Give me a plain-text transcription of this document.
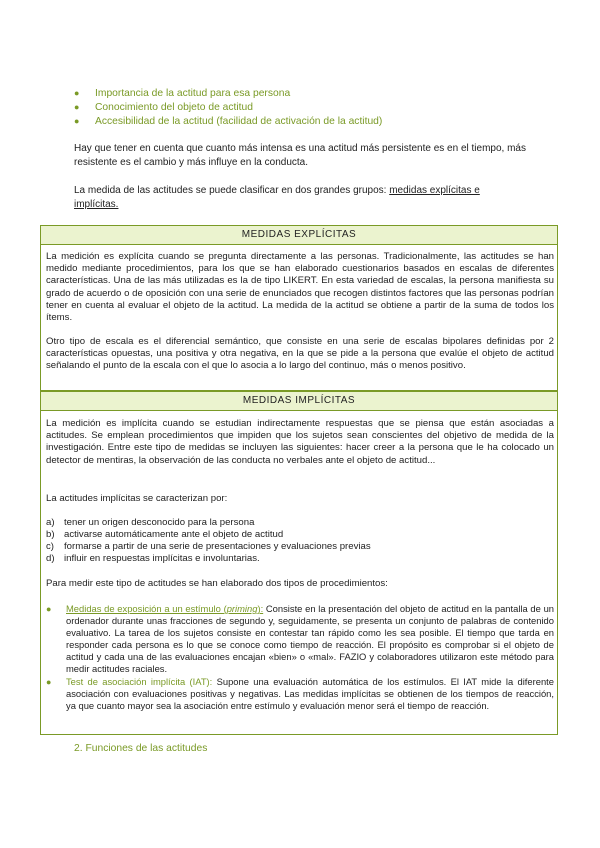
● Importancia de la actitud para esa persona
● Conocimiento del objeto de actitud
● Accesibilidad de la actitud (facilidad de activación de la actitud)
Hay que tener en cuenta que cuanto más intensa es una actitud más persistente es en el tiempo, más resistente es el cambio y más influye en la conducta.
La medida de las actitudes se puede clasificar en dos grandes grupos: medidas explícitas e implícitas.
MEDIDAS EXPLÍCITAS
La medición es explícita cuando se pregunta directamente a las personas. Tradicionalmente, las actitudes se han medido mediante procedimientos, para los que se han elaborado cuestionarios basados en escalas de diferentes características. Una de las más utilizadas es la de tipo LIKERT. En esta variedad de escalas, la persona manifiesta su grado de acuerdo o de oposición con una serie de enunciados que recogen distintos factores que las personas podrían tener en cuenta al evaluar el objeto de la actitud. La medida de la actitud se obtiene a partir de la suma de todos los ítems.
Otro tipo de escala es el diferencial semántico, que consiste en una serie de escalas bipolares definidas por 2 características opuestas, una positiva y otra negativa, en la que se pide a la persona que evalúe el objeto de actitud señalando el punto de la escala con el que lo asocia a lo largo del continuo, más o menos positivo.
MEDIDAS IMPLÍCITAS
La medición es implícita cuando se estudian indirectamente respuestas que se piensa que están asociadas a actitudes. Se emplean procedimientos que impiden que los sujetos sean conscientes del objetivo de medida de la investigación. Entre este tipo de medidas se incluyen las siguientes: hacer creer a la persona que le ha colocado un detector de mentiras, la observación de las conducta no verbales ante el objeto de actitud...
La actitudes implícitas se caracterizan por:
a) tener un origen desconocido para la persona
b) activarse automáticamente ante el objeto de actitud
c) formarse a partir de una serie de presentaciones y evaluaciones previas
d) influir en respuestas implícitas e involuntarias.
Para medir este tipo de actitudes se han elaborado dos tipos de procedimientos:
● Medidas de exposición a un estímulo (priming): Consiste en la presentación del objeto de actitud en la pantalla de un ordenador durante unas fracciones de segundo y, seguidamente, se presenta un conjunto de palabras de contenido evaluativo. La tarea de los sujetos consiste en contestar tan rápido como les sea posible. El tiempo que tarda en responder cada persona es lo que se conoce como tiempo de reacción. El propósito es comprobar si el objeto de actitud y cada una de las evaluaciones encajan «bien» o «mal». FAZIO y colaboradores utilizaron este método para medir actitudes raciales.
● Test de asociación implícita (IAT): Supone una evaluación automática de los estímulos. El IAT mide la diferente asociación con evaluaciones positivas y negativas. Las medidas implícitas se obtienen de los tiempos de reacción, ya que cuanto mayor sea la asociación entre estímulo y evaluación menor será el tiempo de reacción.
2. Funciones de las actitudes
